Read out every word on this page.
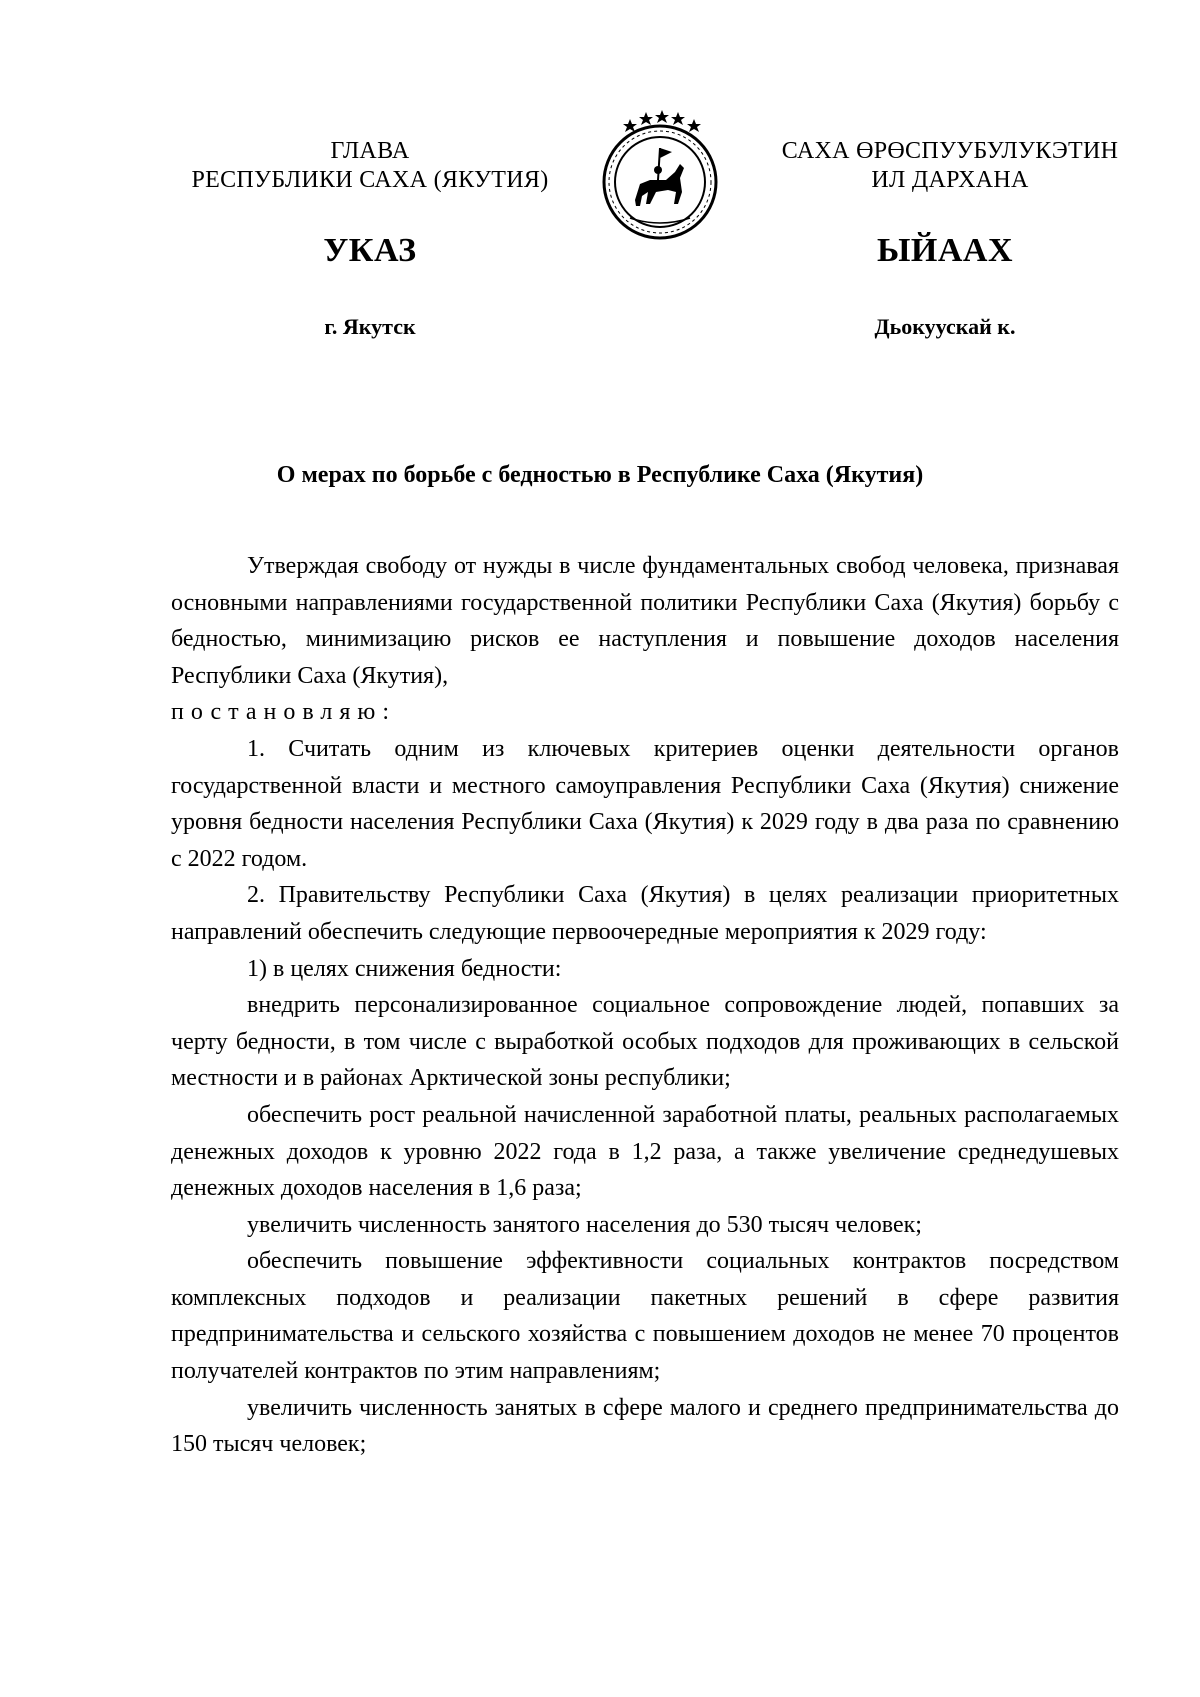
ГЛАВА
РЕСПУБЛИКИ САХА (ЯКУТИЯ)
САХА ӨРӨСПУУБУЛУКЭТИН
ИЛ ДАРХАНА
УКАЗ	ЫЙААХ
г. Якутск	Дьокуускай к.
О мерах по борьбе с бедностью в Республике Саха (Якутия)

Утверждая свободу от нужды в числе фундаментальных свобод человека, признавая основными направлениями государственной политики Республики Саха (Якутия) борьбу с бедностью, минимизацию рисков ее наступления и повышение доходов населения Республики Саха (Якутия),

постановляю:

1. Считать одним из ключевых критериев оценки деятельности органов государственной власти и местного самоуправления Республики Саха (Якутия) снижение уровня бедности населения Республики Саха (Якутия) к 2029 году в два раза по сравнению с 2022 годом.

2. Правительству Республики Саха (Якутия) в целях реализации приоритетных направлений обеспечить следующие первоочередные мероприятия к 2029 году:

1) в целях снижения бедности:

внедрить персонализированное социальное сопровождение людей, попавших за черту бедности, в том числе с выработкой особых подходов для проживающих в сельской местности и в районах Арктической зоны республики;

обеспечить рост реальной начисленной заработной платы, реальных располагаемых денежных доходов к уровню 2022 года в 1,2 раза, а также увеличение среднедушевых денежных доходов населения в 1,6 раза;

увеличить численность занятого населения до 530 тысяч человек;

обеспечить повышение эффективности социальных контрактов посредством комплексных подходов и реализации пакетных решений в сфере развития предпринимательства и сельского хозяйства с повышением доходов не менее 70 процентов получателей контрактов по этим направлениям;

увеличить численность занятых в сфере малого и среднего предпринимательства до 150 тысяч человек;
